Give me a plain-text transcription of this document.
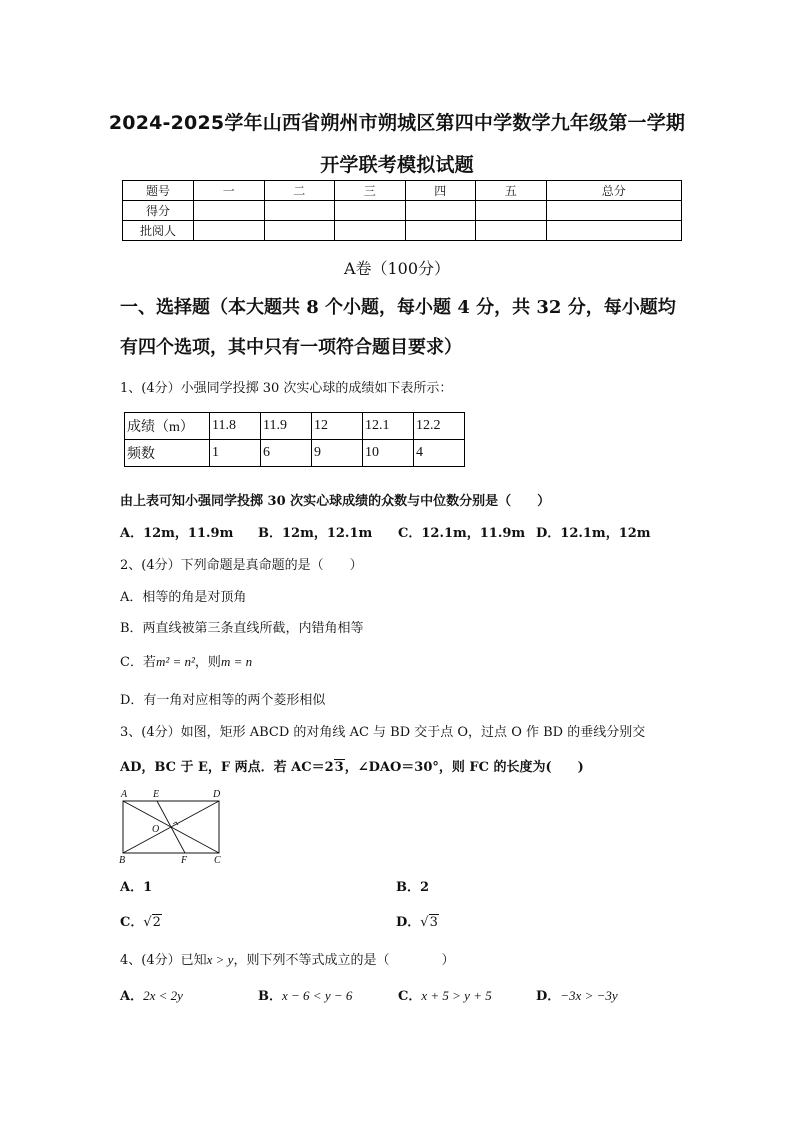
2024-2025学年山西省朔州市朔城区第四中学数学九年级第一学期
开学联考模拟试题
题号	一	二	三	四	五	总分
得分						
批阅人						
A卷（100分）
一、选择题（本大题共 8 个小题，每小题 4 分，共 32 分，每小题均
有四个选项，其中只有一项符合题目要求）
1、(4分）小强同学投掷 30 次实心球的成绩如下表所示：
成绩（m）	11.8	11.9	12	12.1	12.2
频数	1	6	9	10	4
由上表可知小强同学投掷 30 次实心球成绩的众数与中位数分别是（　　）
A．12m，11.9m B．12m，12.1m C．12.1m，11.9m D．12.1m，12m
2、(4分）下列命题是真命题的是（　　）
A．相等的角是对顶角
B．两直线被第三条直线所截，内错角相等
C．若m² = n²，则m = n
D．有一角对应相等的两个菱形相似
3、(4分）如图，矩形 ABCD 的对角线 AC 与 BD 交于点 O，过点 O 作 BD 的垂线分别交
AD，BC 于 E，F 两点．若 AC＝23，∠DAO＝30°，则 FC 的长度为(　　)
A	E	D
O
B	F	C
A．1	B．2
C．√2	D．√3
4、(4分）已知x > y，则下列不等式成立的是（　　　　）
A．2x < 2y	B．x − 6 < y − 6	C．x + 5 > y + 5	D．−3x > −3y
